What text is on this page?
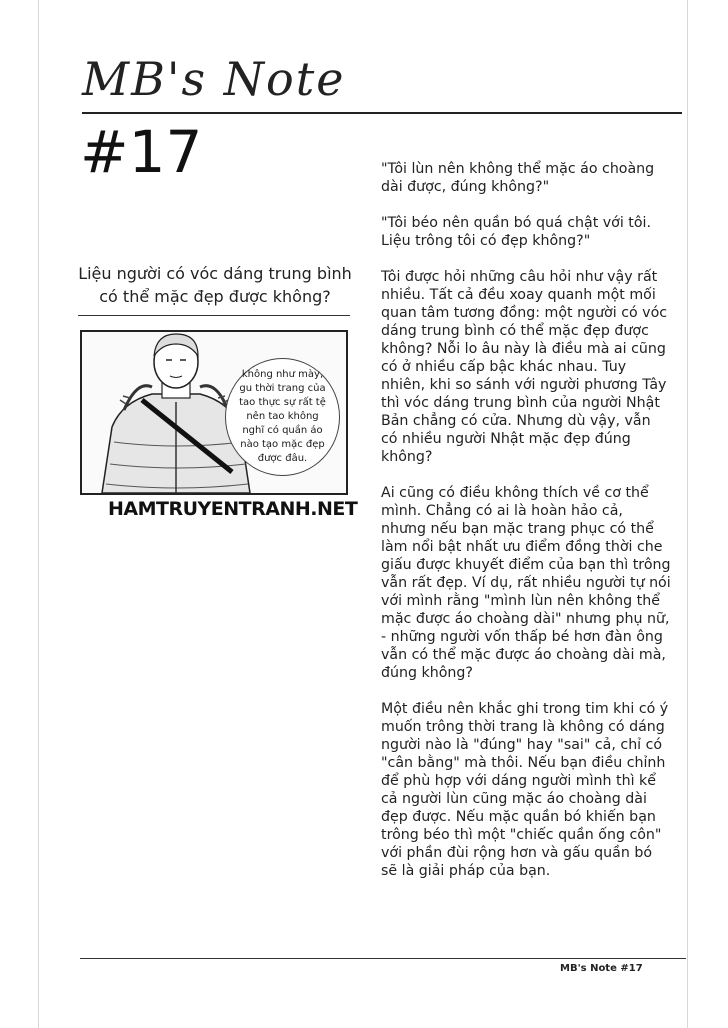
MB's Note
#17
Liệu người có vóc dáng trung bình
có thể mặc đẹp được không?
không như mày, gu thời trang của tao thực sự rất tệ nên tao không nghĩ có quần áo nào tạo mặc đẹp được đâu.
HAMTRUYENTRANH.NET

"Tôi lùn nên không thể mặc áo choàng dài được, đúng không?"

"Tôi béo nên quần bó quá chật với tôi. Liệu trông tôi có đẹp không?"

Tôi được hỏi những câu hỏi như vậy rất nhiều. Tất cả đều xoay quanh một mối quan tâm tương đồng: một người có vóc dáng trung bình có thể mặc đẹp được không? Nỗi lo âu này là điều mà ai cũng có ở nhiều cấp bậc khác nhau. Tuy nhiên, khi so sánh với người phương Tây thì vóc dáng trung bình của người Nhật Bản chẳng có cửa. Nhưng dù vậy, vẫn có nhiều người Nhật mặc đẹp đúng không?

Ai cũng có điều không thích về cơ thể mình. Chẳng có ai là hoàn hảo cả, nhưng nếu bạn mặc trang phục có thể làm nổi bật nhất ưu điểm đồng thời che giấu được khuyết điểm của bạn thì trông vẫn rất đẹp. Ví dụ, rất nhiều người tự nói với mình rằng "mình lùn nên không thể mặc được áo choàng dài" nhưng phụ nữ, - những người vốn thấp bé hơn đàn ông vẫn có thể mặc được áo choàng dài mà, đúng không?

Một điều nên khắc ghi trong tim khi có ý muốn trông thời trang là không có dáng người nào là "đúng" hay "sai" cả, chỉ có "cân bằng" mà thôi. Nếu bạn điều chỉnh để phù hợp với dáng người mình thì kể cả người lùn cũng mặc áo choàng dài đẹp được. Nếu mặc quần bó khiến bạn trông béo thì một "chiếc quần ống côn" với phần đùi rộng hơn và gấu quần bó sẽ là giải pháp của bạn.

MB's Note #17
